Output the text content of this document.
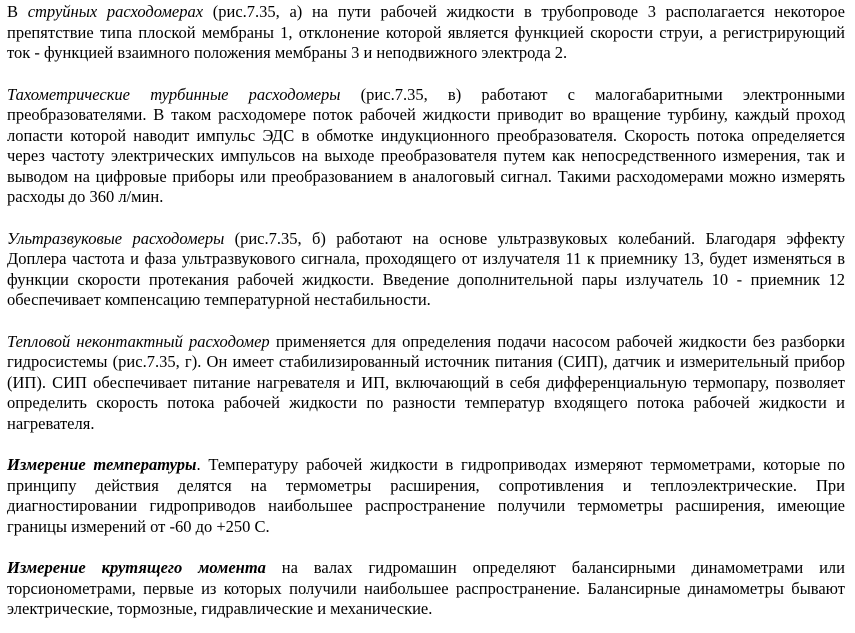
В струйных расходомерах (рис.7.35, а) на пути рабочей жидкости в трубопроводе 3 располагается некоторое препятствие типа плоской мембраны 1, отклонение которой является функцией скорости струи, а регистрирующий ток - функцией взаимного положения мембраны 3 и неподвижного электрода 2.

Тахометрические турбинные расходомеры (рис.7.35, в) работают с малогабаритными электронными преобразователями. В таком расходомере поток рабочей жидкости приводит во вращение турбину, каждый проход лопасти которой наводит импульс ЭДС в обмотке индукционного преобразователя. Скорость потока определяется через частоту электрических импульсов на выходе преобразователя путем как непосредственного измерения, так и выводом на цифровые приборы или преобразованием в аналоговый сигнал. Такими расходомерами можно измерять расходы до 360 л/мин.

Ультразвуковые расходомеры (рис.7.35, б) работают на основе ультразвуковых колебаний. Благодаря эффекту Доплера частота и фаза ультразвукового сигнала, проходящего от излучателя 11 к приемнику 13, будет изменяться в функции скорости протекания рабочей жидкости. Введение дополнительной пары излучатель 10 - приемник 12 обеспечивает компенсацию температурной нестабильности.

Тепловой неконтактный расходомер применяется для определения подачи насосом рабочей жидкости без разборки гидросистемы (рис.7.35, г). Он имеет стабилизированный источник питания (СИП), датчик и измерительный прибор (ИП). СИП обеспечивает питание нагревателя и ИП, включающий в себя дифференциальную термопару, позволяет определить скорость потока рабочей жидкости по разности температур входящего потока рабочей жидкости и нагревателя.

Измерение температуры. Температуру рабочей жидкости в гидроприводах измеряют термометрами, которые по принципу действия делятся на термометры расширения, сопротивления и теплоэлектрические. При диагностировании гидроприводов наибольшее распространение получили термометры расширения, имеющие границы измерений от -60 до +250 С.

Измерение крутящего момента на валах гидромашин определяют балансирными динамометрами или торсионометрами, первые из которых получили наибольшее распространение. Балансирные динамометры бывают электрические, тормозные, гидравлические и механические.
